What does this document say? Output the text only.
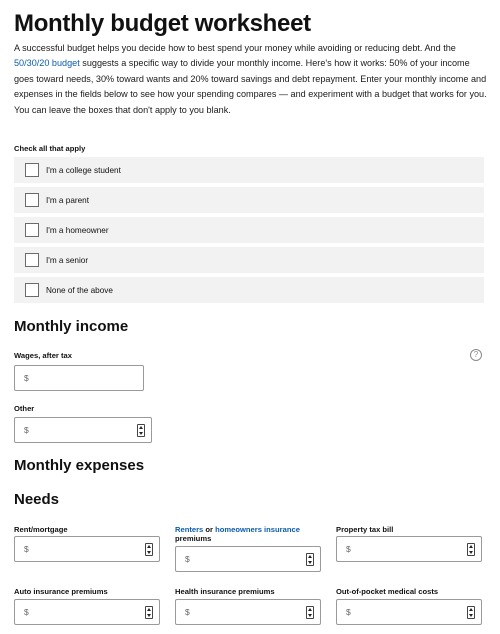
Monthly budget worksheet

A successful budget helps you decide how to best spend your money while avoiding or reducing debt. And the 50/30/20 budget suggests a specific way to divide your monthly income. Here's how it works: 50% of your income goes toward needs, 30% toward wants and 20% toward savings and debt repayment. Enter your monthly income and expenses in the fields below to see how your spending compares — and experiment with a budget that works for you. You can leave the boxes that don't apply to you blank.

Check all that apply
I'm a college student
I'm a parent
I'm a homeowner
I'm a senior
None of the above
Monthly income
Wages, after tax	?
$
Other
$
Monthly expenses
Needs
Rent/mortgage
$
Renters or homeowners insurance
premiums
$
Property tax bill
$
Auto insurance premiums
$
Health insurance premiums
$
Out-of-pocket medical costs
$
